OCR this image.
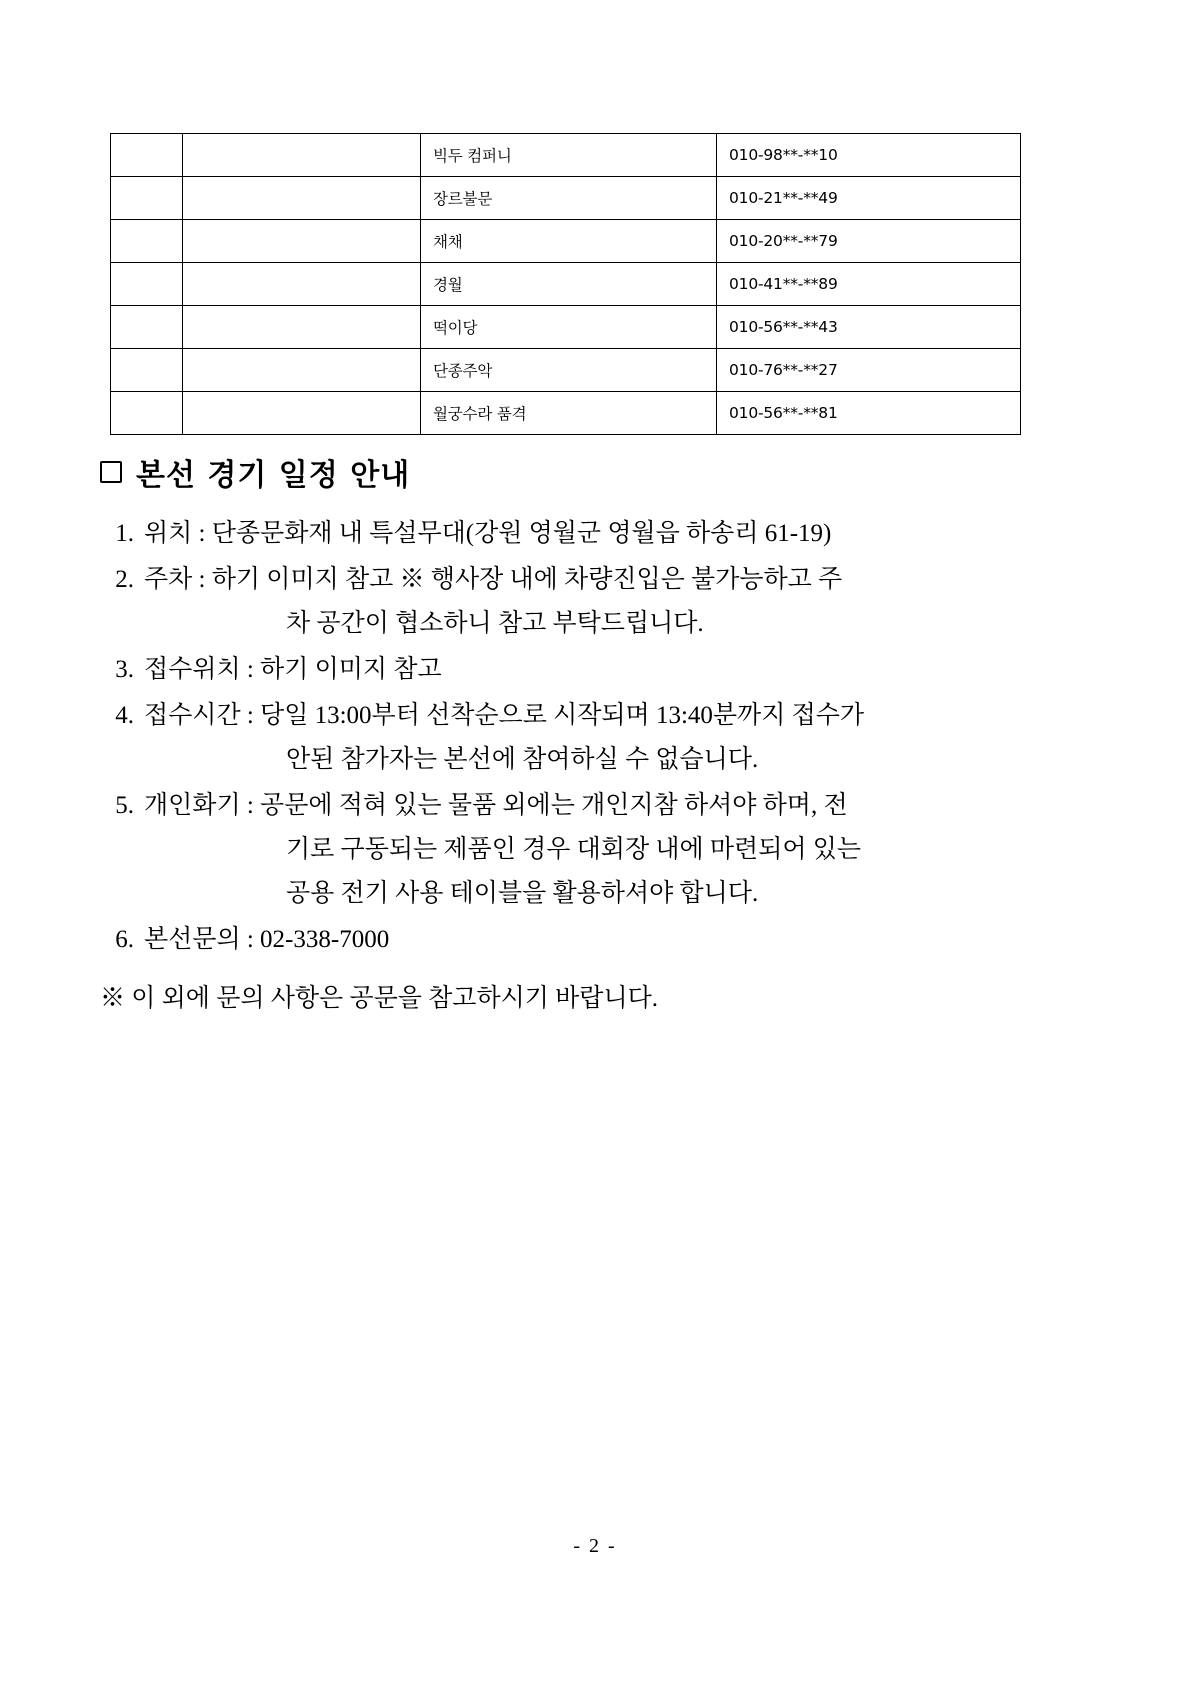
		빅두 컴퍼니	010-98**-**10
		장르불문	010-21**-**49
		채채	010-20**-**79
		경월	010-41**-**89
		떡이당	010-56**-**43
		단종주악	010-76**-**27
		월궁수라 품격	010-56**-**81
본선 경기 일정 안내
1. 위치 : 단종문화재 내 특설무대(강원 영월군 영월읍 하송리 61-19)
2. 주차 : 하기 이미지 참고 ※ 행사장 내에 차량진입은 불가능하고 주
차 공간이 협소하니 참고 부탁드립니다.
3. 접수위치 : 하기 이미지 참고
4. 접수시간 : 당일 13:00부터 선착순으로 시작되며 13:40분까지 접수가
안된 참가자는 본선에 참여하실 수 없습니다.
5. 개인화기 : 공문에 적혀 있는 물품 외에는 개인지참 하셔야 하며, 전
기로 구동되는 제품인 경우 대회장 내에 마련되어 있는
공용 전기 사용 테이블을 활용하셔야 합니다.
6. 본선문의 : 02-338-7000
※ 이 외에 문의 사항은 공문을 참고하시기 바랍니다.
- 2 -
